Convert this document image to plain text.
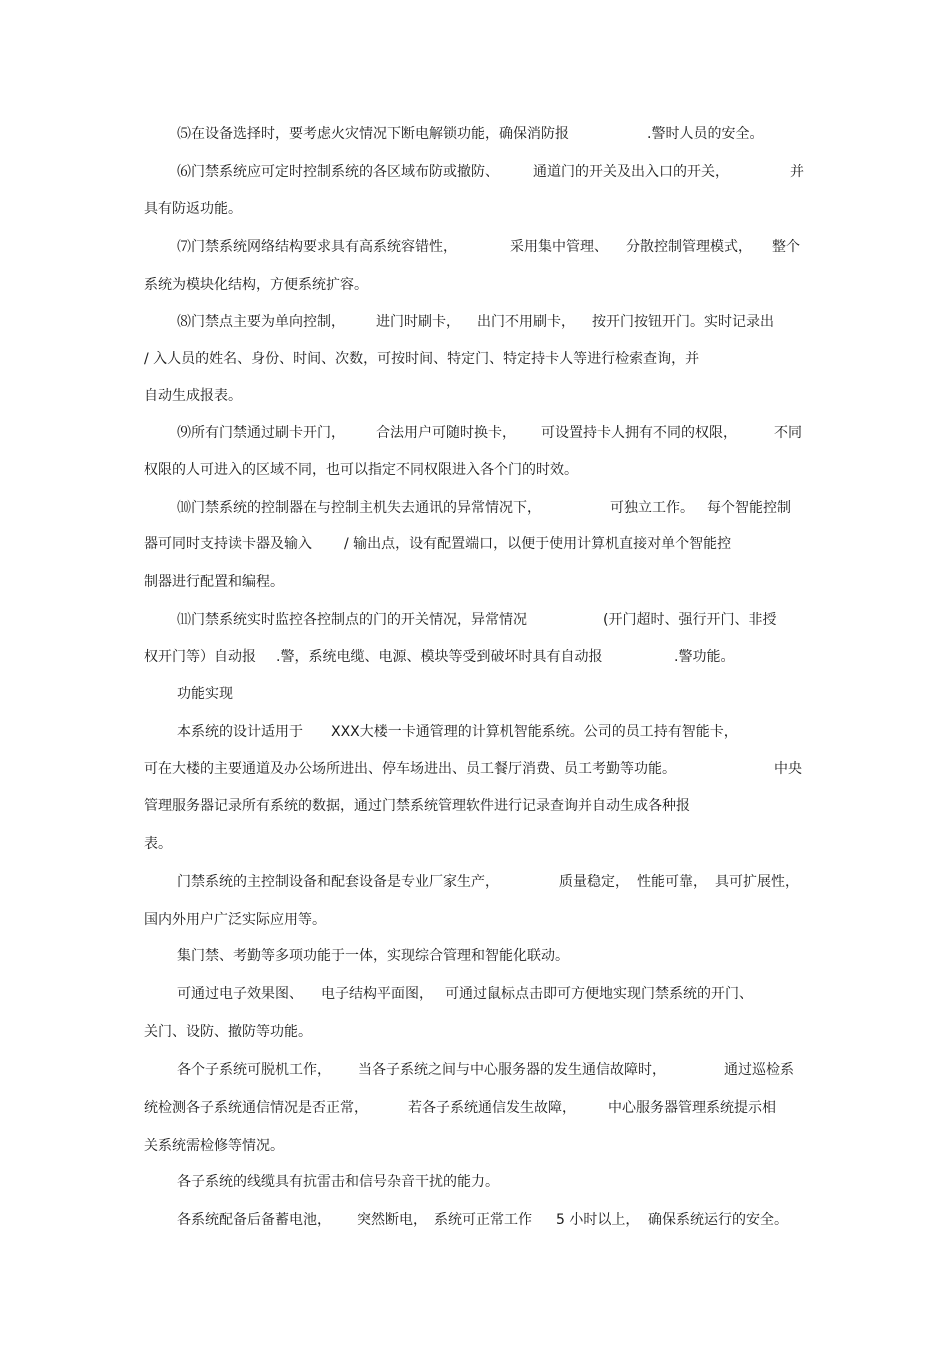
⑸在设备选择时，要考虑火灾情况下断电解锁功能，确保消防报	.警时人员的安全。
⑹门禁系统应可定时控制系统的各区域布防或撤防、 通道门的开关及出入口的开关，	并
具有防返功能。
⑺门禁系统网络结构要求具有高系统容错性，	采用集中管理、 分散控制管理模式， 整个
系统为模块化结构，方便系统扩容。
⑻门禁点主要为单向控制， 进门时刷卡， 出门不用刷卡， 按开门按钮开门。实时记录出
/ 入人员的姓名、身份、时间、次数，可按时间、特定门、特定持卡人等进行检索查询，并
自动生成报表。
⑼所有门禁通过刷卡开门， 合法用户可随时换卡， 可设置持卡人拥有不同的权限，	不同
权限的人可进入的区域不同，也可以指定不同权限进入各个门的时效。
⑽门禁系统的控制器在与控制主机失去通讯的异常情况下，	可独立工作。 每个智能控制
器可同时支持读卡器及输入 / 输出点，设有配置端口，以便于使用计算机直接对单个智能控
制器进行配置和编程。
⑾门禁系统实时监控各控制点的门的开关情况，异常情况	(开门超时、强行开门、非授
权开门等）自动报 .警，系统电缆、电源、模块等受到破坏时具有自动报	.警功能。
功能实现
本系统的设计适用于 XXX大楼一卡通管理的计算机智能系统。公司的员工持有智能卡，
可在大楼的主要通道及办公场所进出、停车场进出、员工餐厅消费、员工考勤等功能。	中央
管理服务器记录所有系统的数据，通过门禁系统管理软件进行记录查询并自动生成各种报
表。
门禁系统的主控制设备和配套设备是专业厂家生产，	质量稳定， 性能可靠， 具可扩展性，
国内外用户广泛实际应用等。
集门禁、考勤等多项功能于一体，实现综合管理和智能化联动。
可通过电子效果图、 电子结构平面图， 可通过鼠标点击即可方便地实现门禁系统的开门、
关门、设防、撤防等功能。
各个子系统可脱机工作， 当各子系统之间与中心服务器的发生通信故障时，	通过巡检系
统检测各子系统通信情况是否正常，	若各子系统通信发生故障， 中心服务器管理系统提示相
关系统需检修等情况。
各子系统的线缆具有抗雷击和信号杂音干扰的能力。
各系统配备后备蓄电池， 突然断电， 系统可正常工作 5 小时以上， 确保系统运行的安全。
